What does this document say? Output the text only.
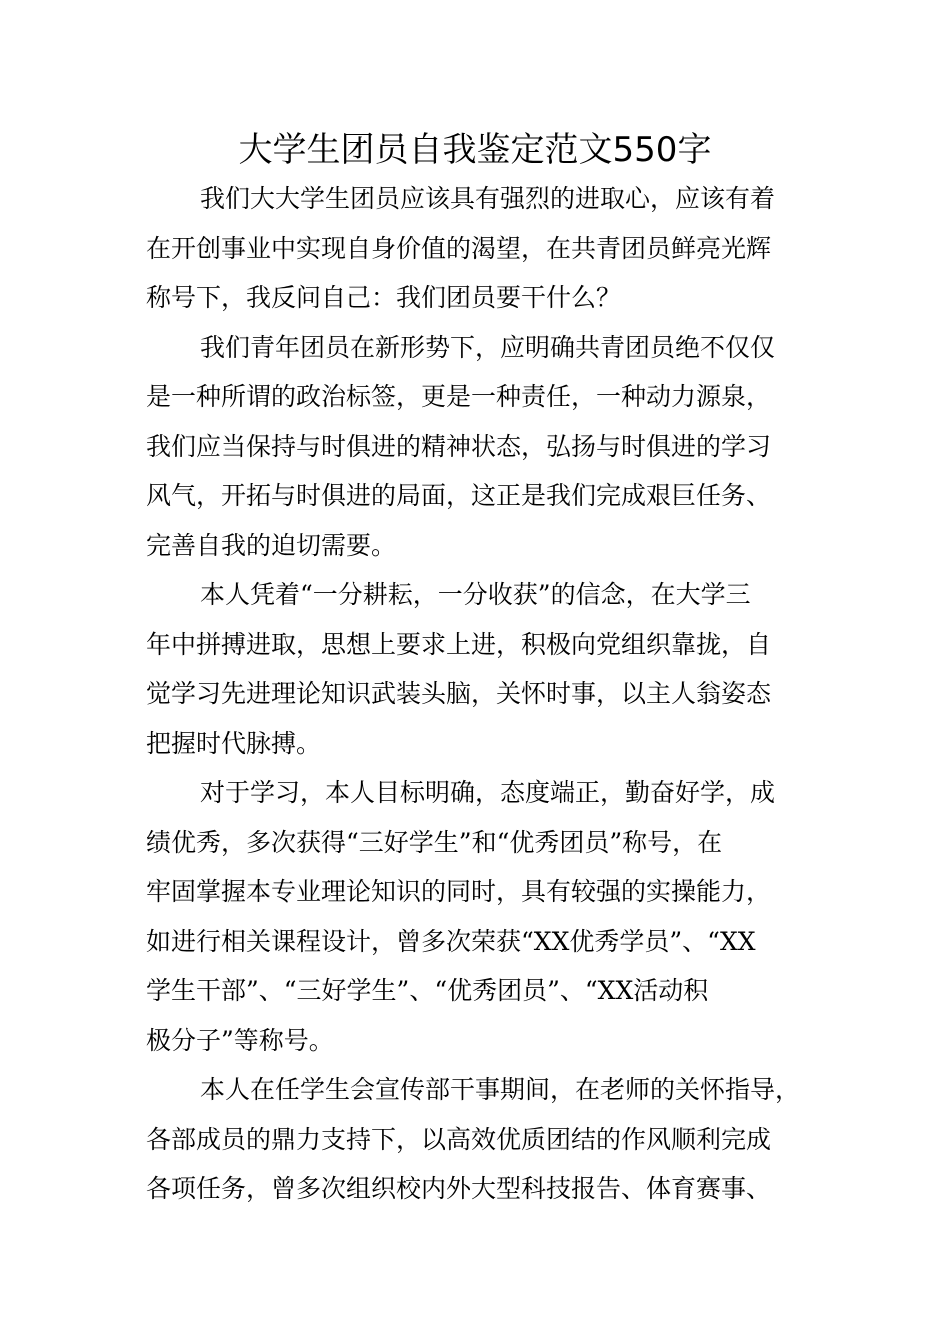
大学生团员自我鉴定范文550字
我们大大学生团员应该具有强烈的进取心，应该有着
在开创事业中实现自身价值的渴望，在共青团员鲜亮光辉
称号下，我反问自己：我们团员要干什么？
我们青年团员在新形势下，应明确共青团员绝不仅仅
是一种所谓的政治标签，更是一种责任，一种动力源泉，
我们应当保持与时俱进的精神状态，弘扬与时俱进的学习
风气，开拓与时俱进的局面，这正是我们完成艰巨任务、
完善自我的迫切需要。
本人凭着“一分耕耘，一分收获”的信念，在大学三
年中拼搏进取，思想上要求上进，积极向党组织靠拢，自
觉学习先进理论知识武装头脑，关怀时事，以主人翁姿态
把握时代脉搏。
对于学习，本人目标明确，态度端正，勤奋好学，成
绩优秀，多次获得“三好学生”和“优秀团员”称号，在
牢固掌握本专业理论知识的同时，具有较强的实操能力，
如进行相关课程设计，曾多次荣获“XX优秀学员”、“XX
学生干部”、“三好学生”、“优秀团员”、“XX活动积
极分子”等称号。
本人在任学生会宣传部干事期间，在老师的关怀指导，
各部成员的鼎力支持下，以高效优质团结的作风顺利完成
各项任务，曾多次组织校内外大型科技报告、体育赛事、
